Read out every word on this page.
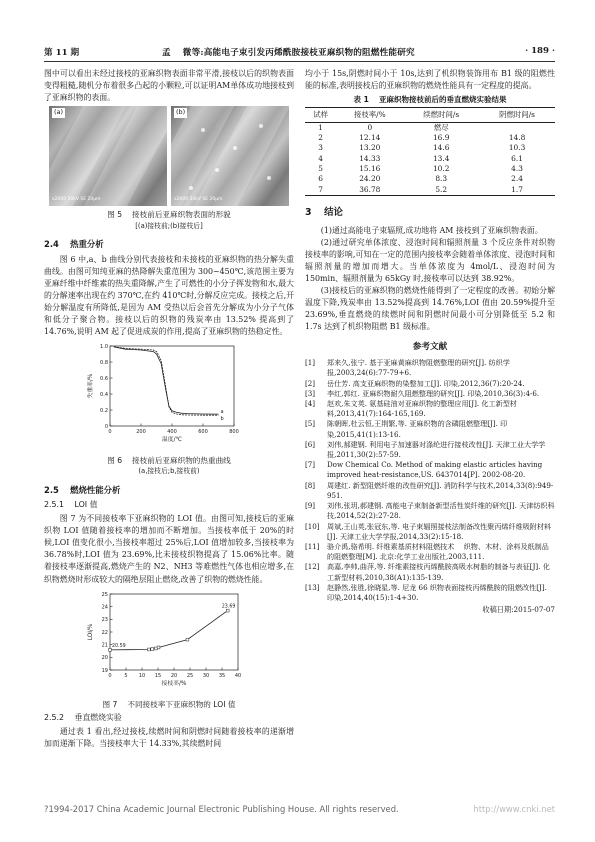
第 11 期	孟　 微等:高能电子束引发丙烯酰胺接枝亚麻织物的阻燃性能研究	· 189 ·

图中可以看出未经过接枝的亚麻织物表面非常平滑,接枝以后的织物表面变得粗糙,随机分布着很多凸起的小颗粒,可以证明AM单体成功地接枝到了亚麻织物的表面。

(a)
x2000 30kV SE 20μm
(b)
x2000 30kV SE 20μm
图 5　 接枝前后亚麻织物表面的形貌
[(a)接枝前;(b)接枝后]
2.4　 热重分析

图 6 中,a、b 曲线分别代表接枝和未接枝的亚麻织物的热分解失重曲线。由图可知纯亚麻的热降解失重范围为 300~450℃,该范围主要为亚麻纤维中纤维素的热失重降解,产生了可燃性的小分子挥发物和水,最大的分解速率出现在约 370℃,在约 410℃时,分解反应完成。接枝之后,开始分解温度有所降低,是因为 AM 受热以后会首先分解成为小分子气体和低分子聚合物。接枝以后的织物的残炭率由 13.52% 提高到了 14.76%,说明 AM 起了促进成炭的作用,提高了亚麻织物的热稳定性。

0	200	400	600	800
0
0.2
0.4
0.6
0.8
1.0
温度/℃
失重率/%
a
b
图 6　 接枝前后亚麻织物的热重曲线
(a,接枝后;b,接枝前)
2.5　 燃烧性能分析
2.5.1　 LOI 值

图 7 为不同接枝率下亚麻织物的 LOI 值。由图可知,接枝后的亚麻织物 LOI 值随着接枝率的增加而不断增加。当接枝率低于 20%的时候,LOI 值变化很小,当接枝率超过 25%后,LOI 值增加较多,当接枝率为 36.78%时,LOI 值为 23.69%,比未接枝织物提高了 15.06%比率。随着接枝率逐渐提高,燃烧产生的 N2、NH3 等难燃性气体也相应增多,在织物燃烧时形成较大的隔绝层阻止燃烧,改善了织物的燃烧性能。

0	5 10 15 20 25 30 35 40
19
20
21
22
23
24
25
接枝率/%
LOI/%
20.59
23.69
图 7　 不同接枝率下亚麻织物的 LOI 值
2.5.2　 垂直燃烧实验

通过表 1 看出,经过接枝,续燃时间和阴燃时间随着接枝率的递渐增加而递渐下降。当接枝率大于 14.33%,其续燃时间

均小于 15s,阴燃时间小于 10s,达到了机织物装饰用布 B1 级的阻燃性能的标准,表明接枝后的亚麻织物的燃烧性能具有一定程度的提高。

表 1　 亚麻织物接枝前后的垂直燃烧实验结果
试样	接枝率/%	续燃时间/s	阴燃时间/s
1	0	燃尽	
2	12.14	16.9	14.8
3	13.20	14.6	10.3
4	14.33	13.4	6.1
5	15.16	10.2	4.3
6	24.20	8.3	2.4
7	36.78	5.2	1.7
3　 结论

(1)通过高能电子束辐照,成功地将 AM 接枝到了亚麻织物表面。

(2)通过研究单体浓度、浸泡时间和辐照剂量 3 个反应条件对织物接枝率的影响,可知在一定的范围内接枝率会随着单体浓度、浸泡时间和辐照剂量的增加而增大。当单体浓度为 4mol/L、浸泡时间为 150min、辐照剂量为 65kGy 时,接枝率可以达到 38.92%。

(3)接枝后的亚麻织物的燃烧性能得到了一定程度的改善。初始分解温度下降,残炭率由 13.52%提高到 14.76%,LOI 值由 20.59%提升至 23.69%,垂直燃烧的续燃时间和阴燃时间最小可分别降低至 5.2 和 1.7s 达到了机织物阻燃 B1 级标准。

参考文献
[1]	郑来久,张宁. 基于亚麻黄麻织物阻燃整理的研究[J]. 纺织学报,2003,24(6):77-79+6.
[2]	岳仕芳. 高支亚麻织物的染整加工[J]. 印染,2012,36(7):20-24.
[3]	李红,郭红. 亚麻织物耐久阻燃整理的研究[J]. 印染,2010,36(3):4-6.
[4]	赵欢,朱文英. 氨基硅油对亚麻织物的整理应用[J]. 化工新型材料,2013,41(7):164-165,169.
[5]	陈朝晖,杜云恒,王荆繁,等. 亚麻织物的含磷阻燃整理[J]. 印染,2015,41(1):13-16.
[6]	刘伟,郝建钢. 利用电子加速器对涤纶进行接枝改性[J]. 天津工业大学学报,2011,30(2):57-59.
[7]	Dow Chemical Co. Method of making elastic articles having improved heat-resistance,US. 6437014[P]. 2002-08-20.
[8]	周建红. 新型阻燃纤维的改性研究[J]. 消防科学与技术,2014,33(8):949-951.
[9]	刘伟,张玥,郝建钢. 高能电子束制备新型活性炭纤维的研究[J]. 天津纺织科技,2014,52(2):27-28.
[10]	周斌,王山英,张冠东,等. 电子束辐照接枝法制备改性聚丙烯纤维吸附材料[J]. 天津工业大学学报,2014,33(2):15-18.
[11]	骆介禹,骆希明. 纤维素基质材料阻燃技术　 织物、木材、涂料及纸制品的阻燃整理[M]. 北京:化学工业出版社,2003,111.
[12]	高嘉,李帅,曲萍,等. 纤维素接枝丙烯酰胺高吸水树脂的制备与表征[J]. 化工新型材料,2010,38(A1):135-139.
[13]	赵静然,张胜,徐晓星,等. 尼龙 66 织物表面接枝丙烯酰胺的阻燃改性[J]. 印染,2014,40(15):1-4+30.
收稿日期:2015-07-07
?1994-2017 China Academic Journal Electronic Publishing House. All rights reserved.	http://www.cnki.net
